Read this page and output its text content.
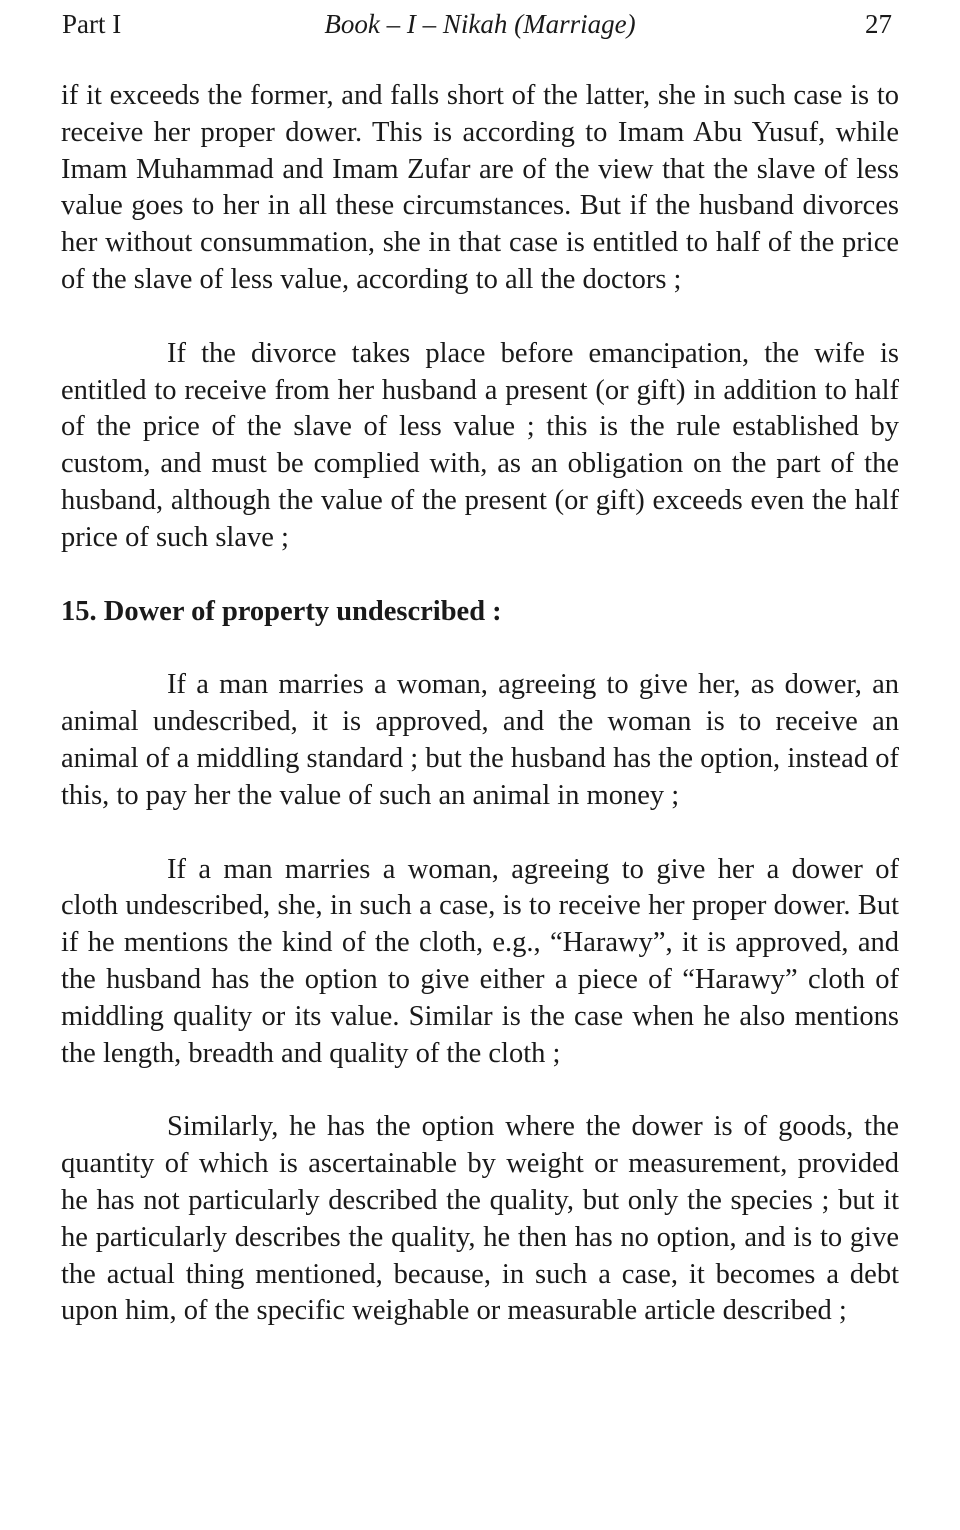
Part I	Book – I – Nikah (Marriage)	27

if it exceeds the former, and falls short of the latter, she in such case is to receive her proper dower. This is according to Imam Abu Yusuf, while Imam Muhammad and Imam Zufar are of the view that the slave of less value goes to her in all these circumstances. But if the husband divorces her without consummation, she in that case is entitled to half of the price of the slave of less value, according to all the doctors ;

If the divorce takes place before emancipation, the wife is entitled to receive from her husband a present (or gift) in addition to half of the price of the slave of less value ; this is the rule established by custom, and must be complied with, as an obligation on the part of the husband, although the value of the present (or gift) exceeds even the half price of such slave ;

15. Dower of property undescribed :

If a man marries a woman, agreeing to give her, as dower, an animal undescribed, it is approved, and the woman is to receive an animal of a middling standard ; but the husband has the option, instead of this, to pay her the value of such an animal in money ;

If a man marries a woman, agreeing to give her a dower of cloth undescribed, she, in such a case, is to receive her proper dower. But if he mentions the kind of the cloth, e.g., “Harawy”, it is approved, and the husband has the option to give either a piece of “Harawy” cloth of middling quality or its value. Similar is the case when he also mentions the length, breadth and quality of the cloth ;

Similarly, he has the option where the dower is of goods, the quantity of which is ascertainable by weight or measurement, provided he has not particularly described the quality, but only the species ; but it he particularly describes the quality, he then has no option, and is to give the actual thing mentioned, because, in such a case, it becomes a debt upon him, of the specific weighable or measurable article described ;
